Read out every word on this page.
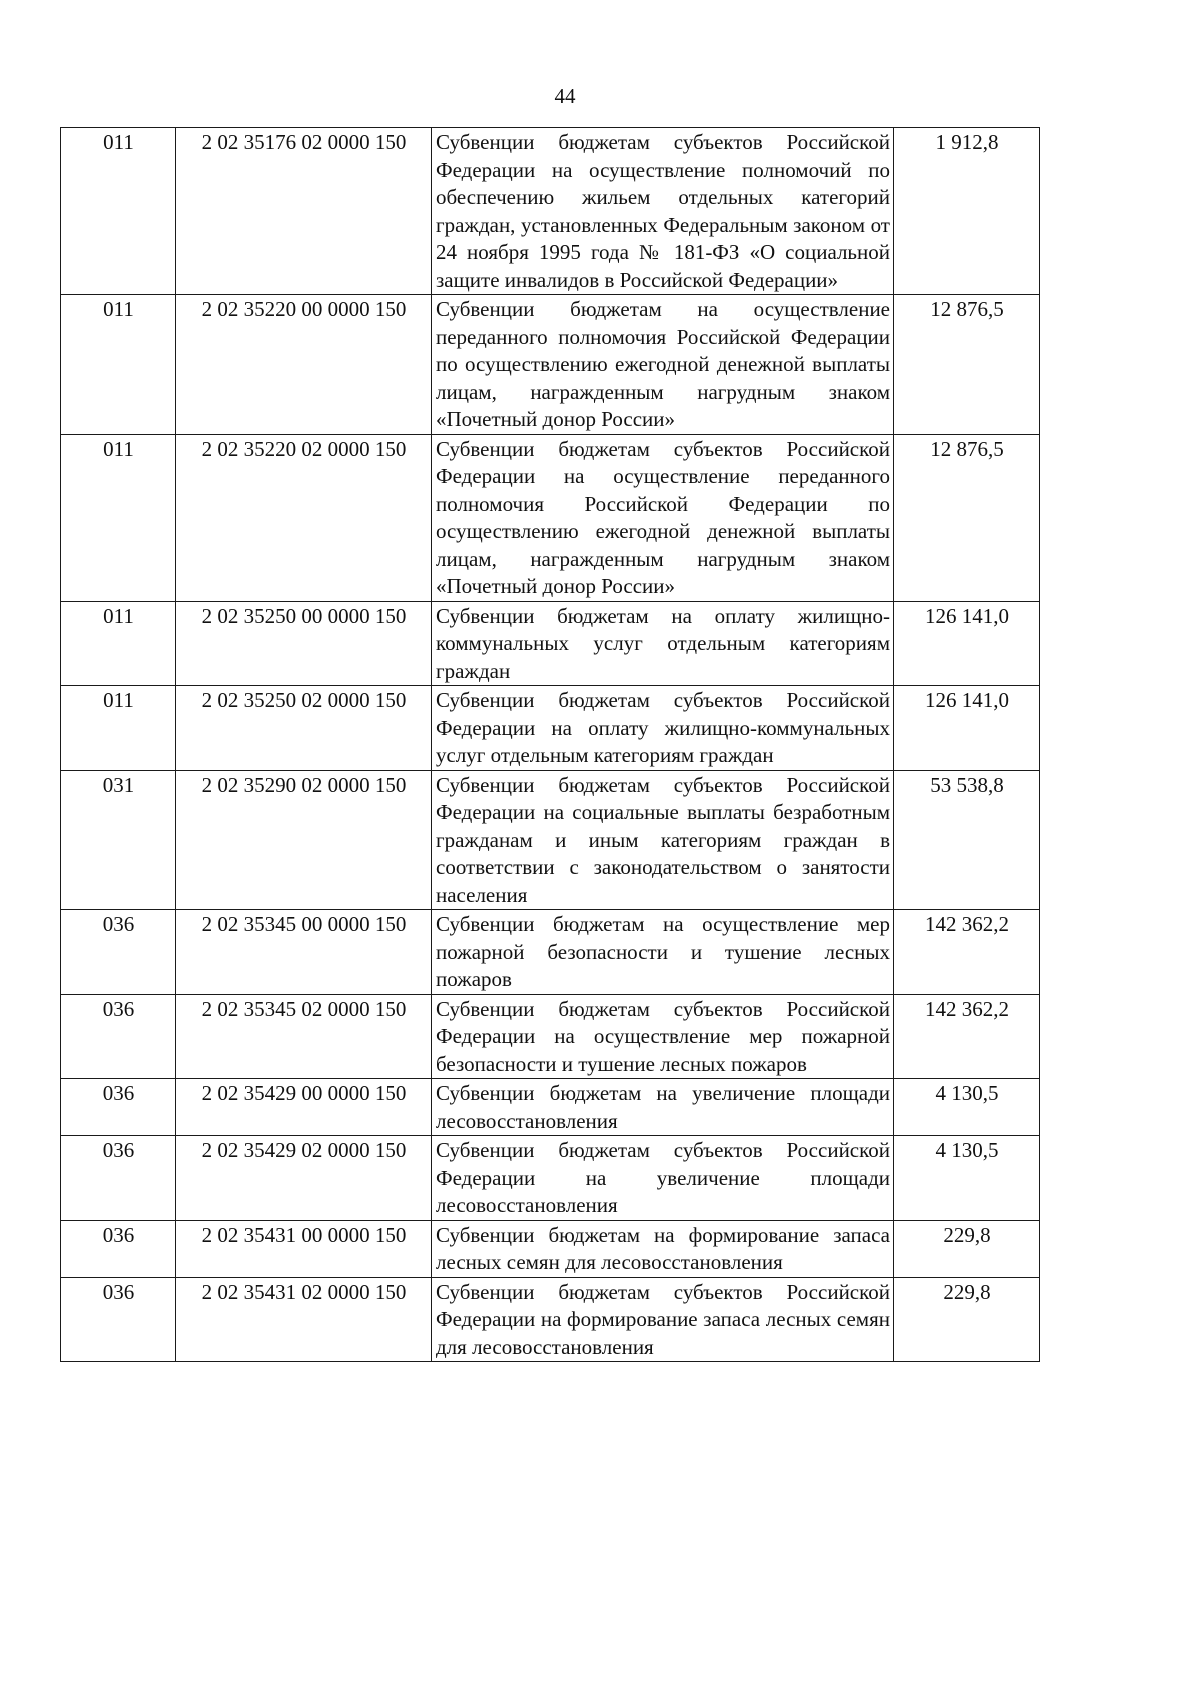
44
011	2 02 35176 02 0000 150	Субвенции бюджетам субъектов Российской Федерации на осуществление полномочий по обеспечению жильем отдельных категорий граждан, установленных Федеральным законом от 24 ноября 1995 года № 181-ФЗ «О социальной защите инвалидов в Российской Федерации»	1 912,8
011	2 02 35220 00 0000 150	Субвенции бюджетам на осуществление переданного полномочия Российской Федерации по осуществлению ежегодной денежной выплаты лицам, награжденным нагрудным знаком «Почетный донор России»	12 876,5
011	2 02 35220 02 0000 150	Субвенции бюджетам субъектов Российской Федерации на осуществление переданного полномочия Российской Федерации по осуществлению ежегодной денежной выплаты лицам, награжденным нагрудным знаком «Почетный донор России»	12 876,5
011	2 02 35250 00 0000 150	Субвенции бюджетам на оплату жилищно-коммунальных услуг отдельным категориям граждан	126 141,0
011	2 02 35250 02 0000 150	Субвенции бюджетам субъектов Российской Федерации на оплату жилищно-коммунальных услуг отдельным категориям граждан	126 141,0
031	2 02 35290 02 0000 150	Субвенции бюджетам субъектов Российской Федерации на социальные выплаты безработным гражданам и иным категориям граждан в соответствии с законодательством о занятости населения	53 538,8
036	2 02 35345 00 0000 150	Субвенции бюджетам на осуществление мер пожарной безопасности и тушение лесных пожаров	142 362,2
036	2 02 35345 02 0000 150	Субвенции бюджетам субъектов Российской Федерации на осуществление мер пожарной безопасности и тушение лесных пожаров	142 362,2
036	2 02 35429 00 0000 150	Субвенции бюджетам на увеличение площади лесовосстановления	4 130,5
036	2 02 35429 02 0000 150	Субвенции бюджетам субъектов Российской Федерации на увеличение площади лесовосстановления	4 130,5
036	2 02 35431 00 0000 150	Субвенции бюджетам на формирование запаса лесных семян для лесовосстановления	229,8
036	2 02 35431 02 0000 150	Субвенции бюджетам субъектов Российской Федерации на формирование запаса лесных семян для лесовосстановления	229,8
